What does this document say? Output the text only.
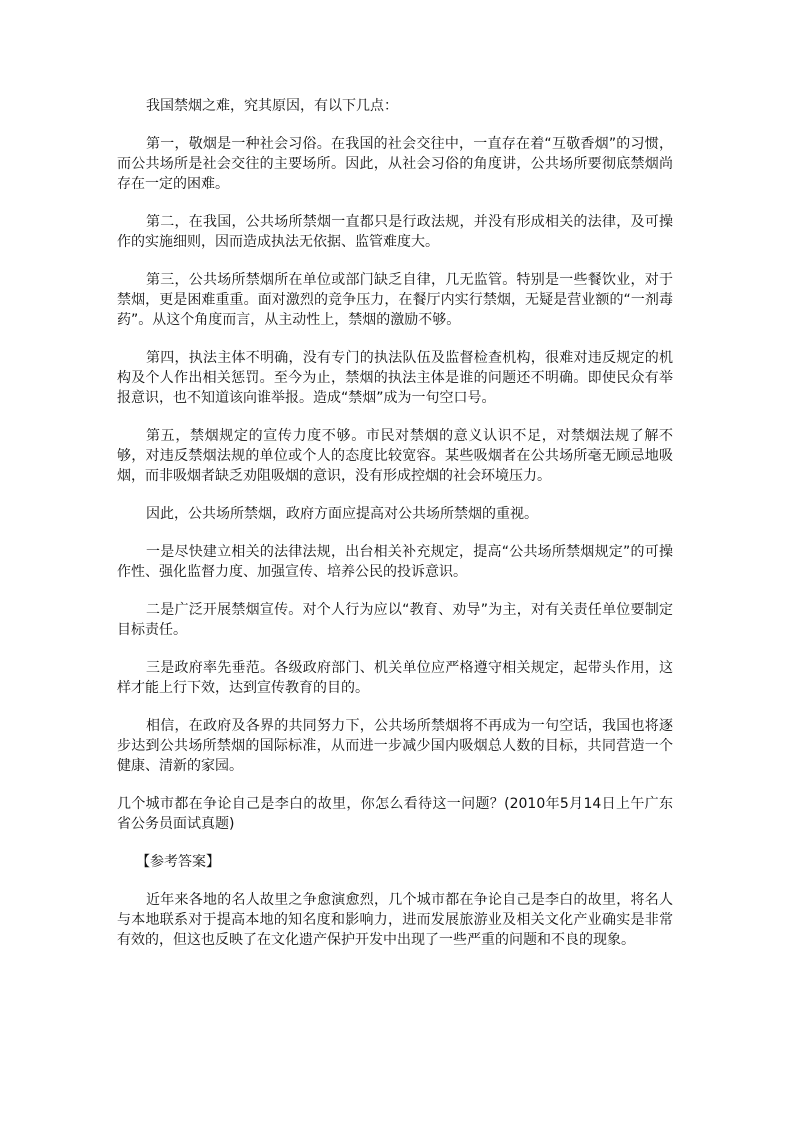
我国禁烟之难，究其原因，有以下几点：

第一，敬烟是一种社会习俗。在我国的社会交往中，一直存在着“互敬香烟”的习惯，而公共场所是社会交往的主要场所。因此，从社会习俗的角度讲，公共场所要彻底禁烟尚存在一定的困难。

第二，在我国，公共场所禁烟一直都只是行政法规，并没有形成相关的法律，及可操作的实施细则，因而造成执法无依据、监管难度大。

第三，公共场所禁烟所在单位或部门缺乏自律，几无监管。特别是一些餐饮业，对于禁烟，更是困难重重。面对激烈的竞争压力，在餐厅内实行禁烟，无疑是营业额的“一剂毒药”。从这个角度而言，从主动性上，禁烟的激励不够。

第四，执法主体不明确，没有专门的执法队伍及监督检查机构，很难对违反规定的机构及个人作出相关惩罚。至今为止，禁烟的执法主体是谁的问题还不明确。即使民众有举报意识，也不知道该向谁举报。造成“禁烟”成为一句空口号。

第五，禁烟规定的宣传力度不够。市民对禁烟的意义认识不足，对禁烟法规了解不够，对违反禁烟法规的单位或个人的态度比较宽容。某些吸烟者在公共场所毫无顾忌地吸烟，而非吸烟者缺乏劝阻吸烟的意识，没有形成控烟的社会环境压力。

因此，公共场所禁烟，政府方面应提高对公共场所禁烟的重视。

一是尽快建立相关的法律法规，出台相关补充规定，提高“公共场所禁烟规定”的可操作性、强化监督力度、加强宣传、培养公民的投诉意识。

二是广泛开展禁烟宣传。对个人行为应以“教育、劝导”为主，对有关责任单位要制定目标责任。

三是政府率先垂范。各级政府部门、机关单位应严格遵守相关规定，起带头作用，这样才能上行下效，达到宣传教育的目的。

相信，在政府及各界的共同努力下，公共场所禁烟将不再成为一句空话，我国也将逐步达到公共场所禁烟的国际标准，从而进一步减少国内吸烟总人数的目标，共同营造一个健康、清新的家园。

几个城市都在争论自己是李白的故里，你怎么看待这一问题？(2010年5月14日上午广东省公务员面试真题)

【参考答案】

近年来各地的名人故里之争愈演愈烈，几个城市都在争论自己是李白的故里，将名人与本地联系对于提高本地的知名度和影响力，进而发展旅游业及相关文化产业确实是非常有效的，但这也反映了在文化遗产保护开发中出现了一些严重的问题和不良的现象。
